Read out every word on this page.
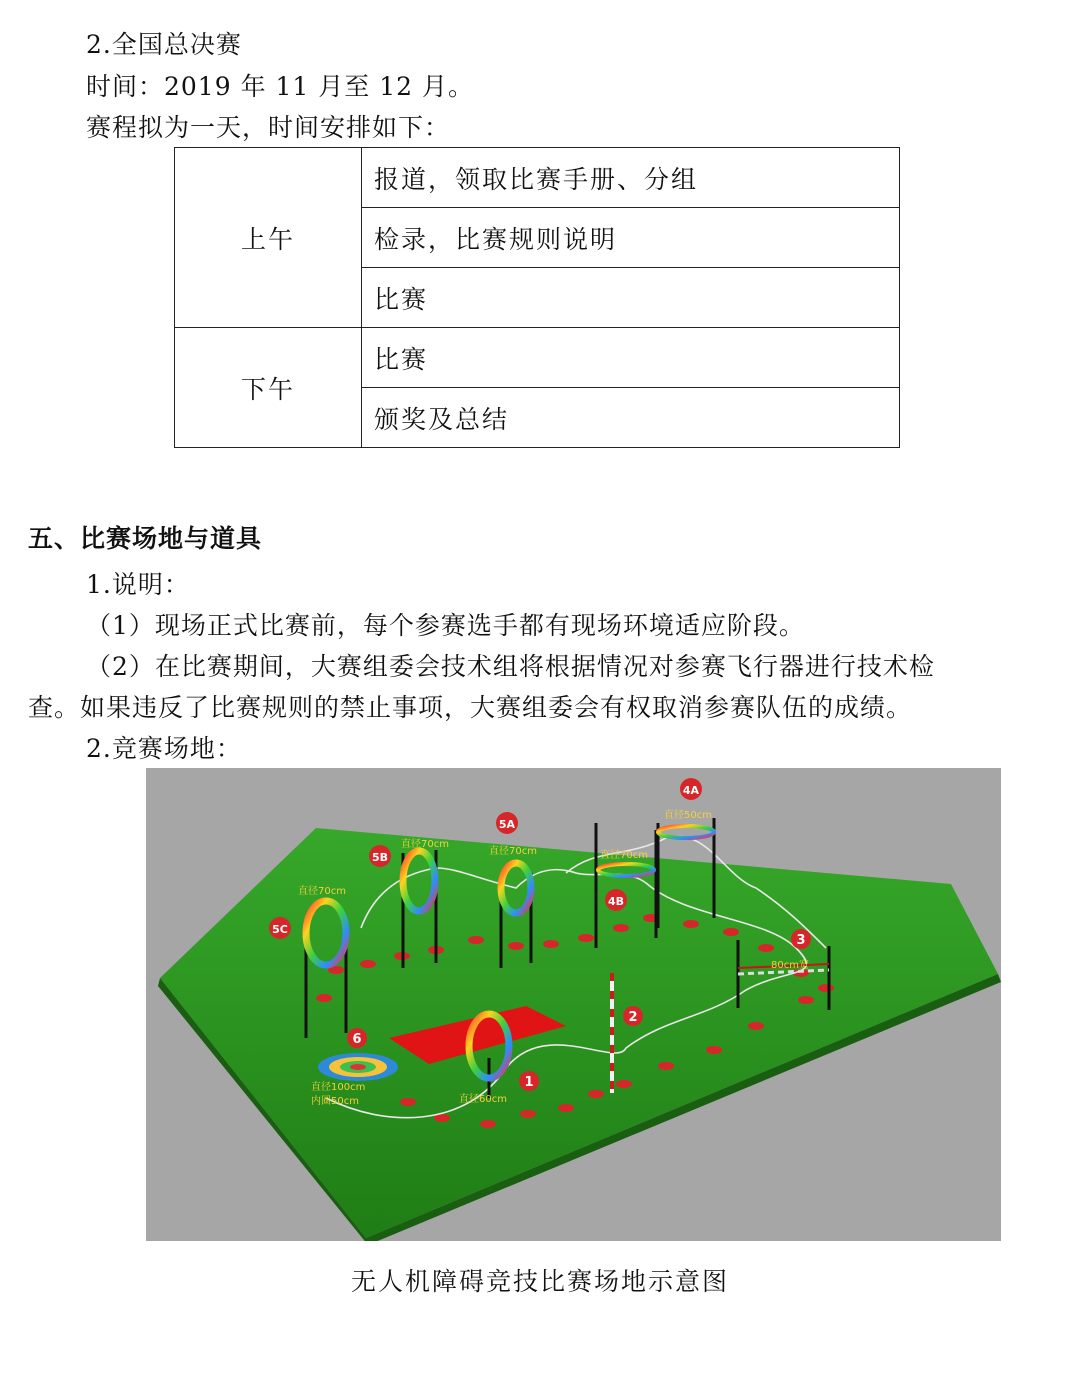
2.全国总决赛
时间：2019 年 11 月至 12 月。
赛程拟为一天，时间安排如下：
上午	报道，领取比赛手册、分组
	检录，比赛规则说明
	比赛
下午	比赛
	颁奖及总结
五、比赛场地与道具
1.说明：
（1）现场正式比赛前，每个参赛选手都有现场环境适应阶段。
（2）在比赛期间，大赛组委会技术组将根据情况对参赛飞行器进行技术检
查。如果违反了比赛规则的禁止事项，大赛组委会有权取消参赛队伍的成绩。
2.竞赛场地：
1
2
3
4A
4B
5A
5B
5C
6
80cm宽
直径60cm
直径100cm
内圈50cm
直径70cm
直径70cm
直径70cm
直径50cm
直径70cm
无人机障碍竞技比赛场地示意图
